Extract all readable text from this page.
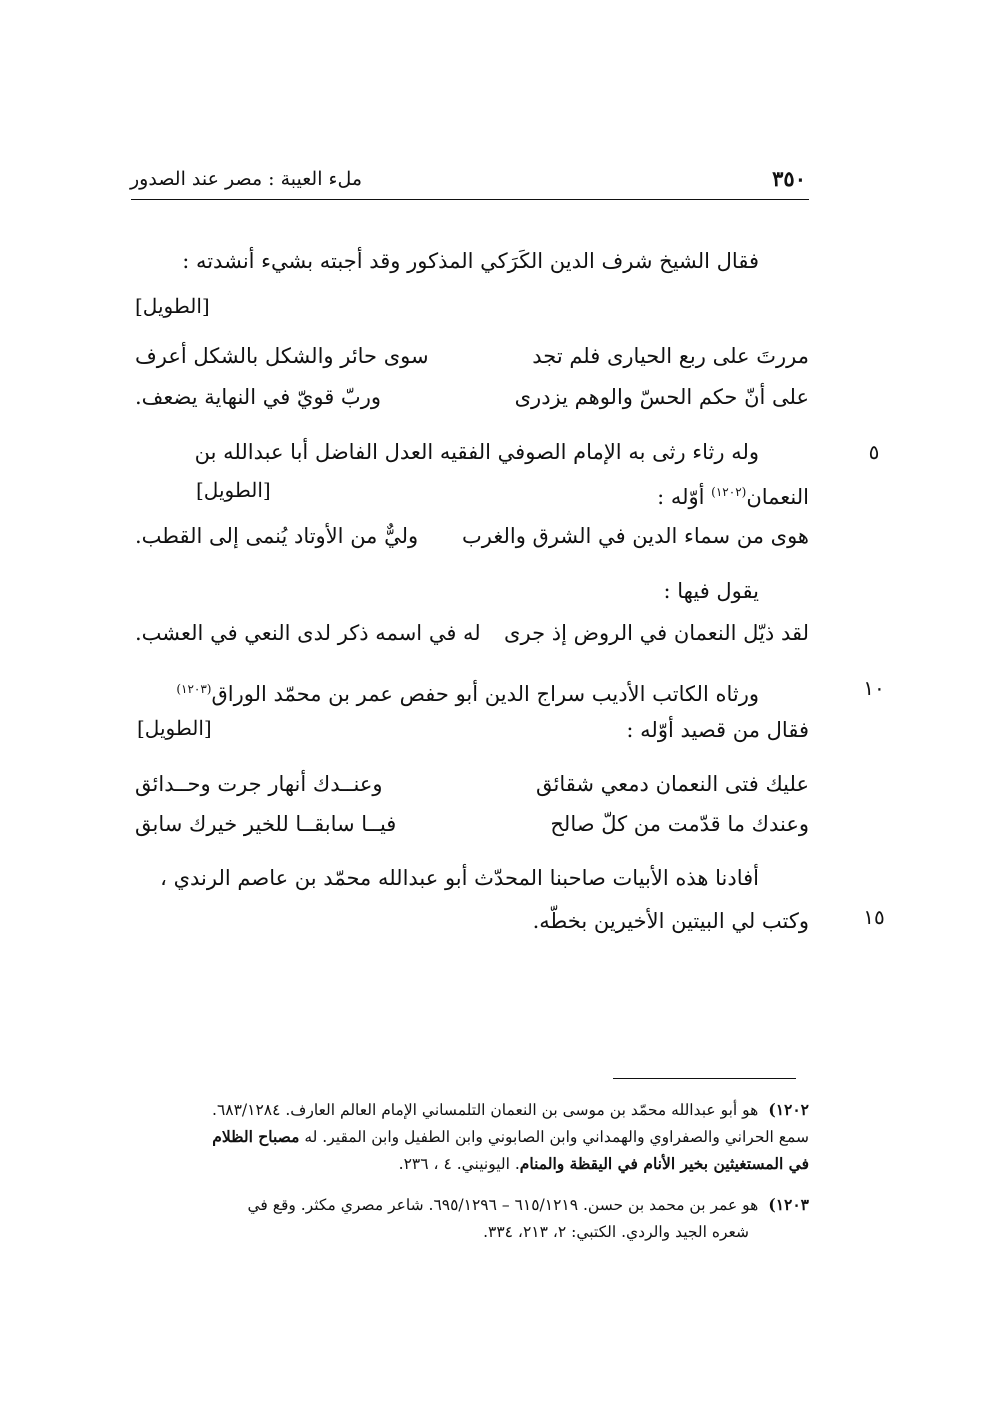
ملء العيبة : مصر عند الصدور	٣٥٠
فقال الشيخ شرف الدين الكَرَكي المذكور وقد أجبته بشيء أنشدته :
[الطويل]
مررتَ على ربع الحيارى فلم تجد
سوى حائر والشكل بالشكل أعرف
على أنّ حكم الحسّ والوهم يزدرى
وربّ قويّ في النهاية يضعف.
وله رثاء رثى به الإمام الصوفي الفقيه العدل الفاضل أبا عبدالله بن	٥
النعمان$^{(١٢٠٢)}$ أوّله :
[الطويل]
هوى من سماء الدين في الشرق والغرب
وليٌّ من الأوتاد يُنمى إلى القطب.
يقول فيها :
لقد ذيّل النعمان في الروض إذ جرى
له في اسمه ذكر لدى النعي في العشب.
ورثاه الكاتب الأديب سراج الدين أبو حفص عمر بن محمّد الوراق$^{(١٢٠٣)}$	١٠
فقال من قصيد أوّله :
[الطويل]
عليك فتى النعمان دمعي شقائق
وعنــدك أنهار جرت وحــدائق
وعندك ما قدّمت من كلّ صالح
فيــا سابقــا للخير خيرك سابق
أفادنا هذه الأبيات صاحبنا المحدّث أبو عبدالله محمّد بن عاصم الرندي ،
وكتب لي البيتين الأخيرين بخطّه.	١٥
١٢٠٢)هو أبو عبدالله محمّد بن موسى بن النعمان التلمساني الإمام العالم العارف. ٦٨٣/١٢٨٤.
سمع الحراني والصفراوي والهمداني وابن الصابوني وابن الطفيل وابن المقير. له مصباح الظلام
في المستغيثين بخير الأنام في اليقظة والمنام. اليونيني. ٤ ، ٢٣٦.
١٢٠٣)هو عمر بن محمد بن حسن. ٦١٥/١٢١٩ – ٦٩٥/١٢٩٦. شاعر مصري مكثر. وقع في
شعره الجيد والردي. الكتبي: ٢، ٢١٣، ٣٣٤.
